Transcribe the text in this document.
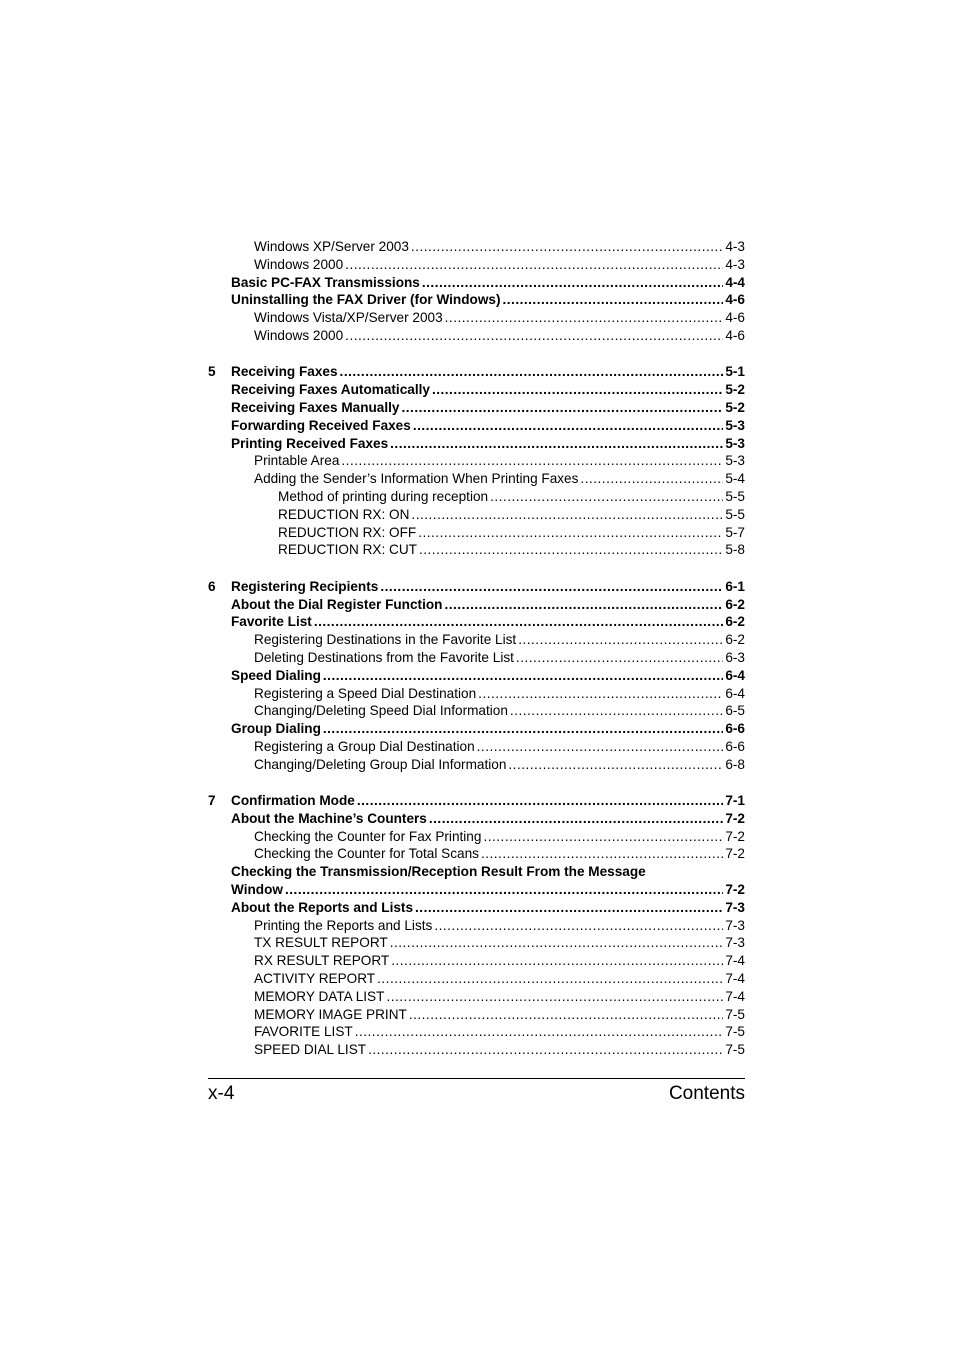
Windows XP/Server 2003 .....	4-3
Windows 2000 .....	4-3
Basic PC-FAX Transmissions .....	4-4
Uninstalling the FAX Driver (for Windows) .....	4-6
Windows Vista/XP/Server 2003 .....	4-6
Windows 2000 .....	4-6
5	Receiving Faxes .....	5-1
Receiving Faxes Automatically .....	5-2
Receiving Faxes Manually .....	5-2
Forwarding Received Faxes .....	5-3
Printing Received Faxes .....	5-3
Printable Area .....	5-3
Adding the Sender’s Information When Printing Faxes .....	5-4
Method of printing during reception .....	5-5
REDUCTION RX: ON .....	5-5
REDUCTION RX: OFF .....	5-7
REDUCTION RX: CUT .....	5-8
6	Registering Recipients .....	6-1
About the Dial Register Function .....	6-2
Favorite List .....	6-2
Registering Destinations in the Favorite List .....	6-2
Deleting Destinations from the Favorite List .....	6-3
Speed Dialing .....	6-4
Registering a Speed Dial Destination .....	6-4
Changing/Deleting Speed Dial Information .....	6-5
Group Dialing .....	6-6
Registering a Group Dial Destination .....	6-6
Changing/Deleting Group Dial Information .....	6-8
7	Confirmation Mode .....	7-1
About the Machine’s Counters .....	7-2
Checking the Counter for Fax Printing .....	7-2
Checking the Counter for Total Scans .....	7-2
Checking the Transmission/Reception Result From the Message
Window .....	7-2
About the Reports and Lists .....	7-3
Printing the Reports and Lists .....	7-3
TX RESULT REPORT .....	7-3
RX RESULT REPORT .....	7-4
ACTIVITY REPORT .....	7-4
MEMORY DATA LIST .....	7-4
MEMORY IMAGE PRINT .....	7-5
FAVORITE LIST .....	7-5
SPEED DIAL LIST .....	7-5
x-4	Contents
